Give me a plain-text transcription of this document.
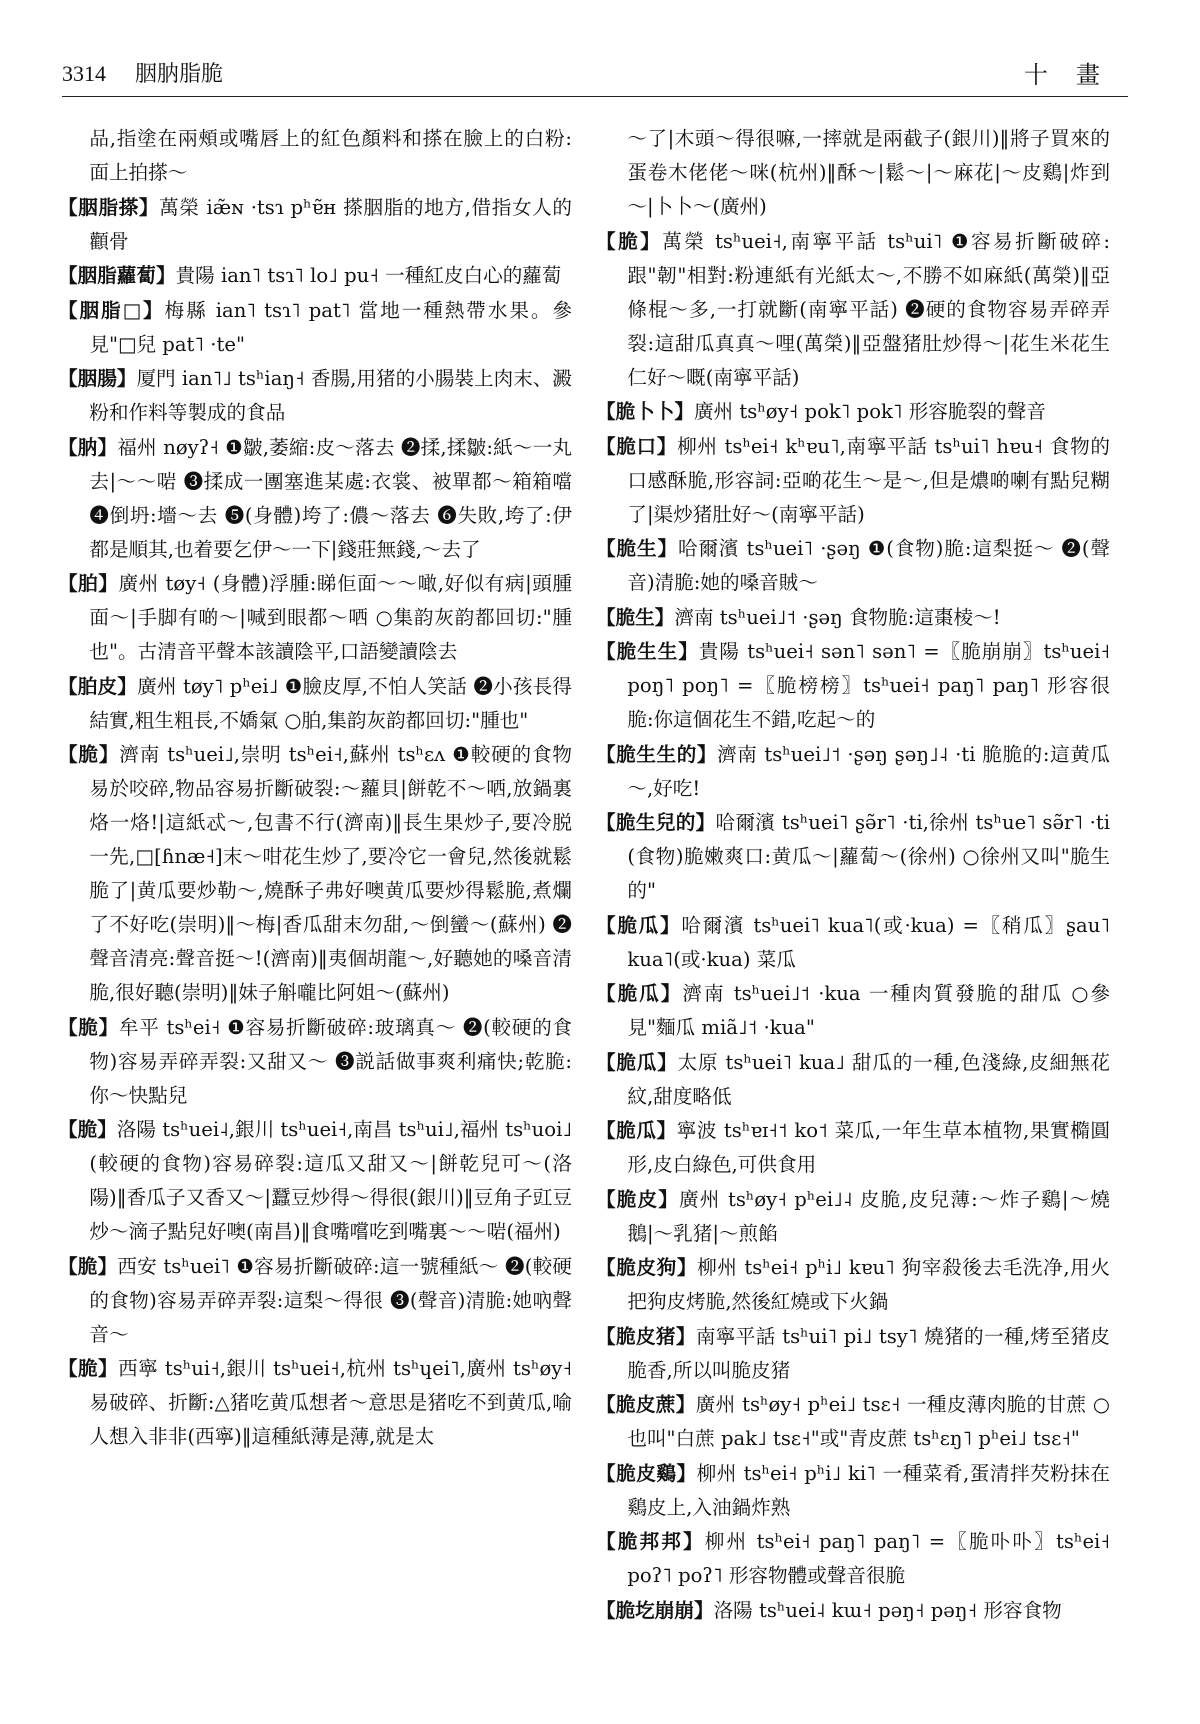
3314 胭肭脂脆	十畫

品,指塗在兩頰或嘴唇上的紅色顏料和搽在臉上的白粉:面上拍搽～

【胭脂搽】萬榮 iæ̃ɴ ·tsɿ pʰɐ̃ʜ 搽胭脂的地方,借指女人的顴骨

【胭脂蘿蔔】貴陽 ian˥ tsɿ˥ lo˩ pu˧ 一種紅皮白心的蘿蔔

【胭脂□】梅縣 ian˥ tsɿ˥ pat˥ 當地一種熱帶水果。參見"□兒 pat˥ ·te"

【胭腸】厦門 ian˥˩ tsʰiaŋ˧ 香腸,用猪的小腸裝上肉末、澱粉和作料等製成的食品

【肭】福州 nøyʔ˧ ❶皺,萎縮:皮～落去 ❷揉,揉皺:紙～一丸去|～～啱 ❸揉成一團塞進某處:衣裳、被單都～箱箱噹 ❹倒坍:墻～去 ❺(身體)垮了:儂～落去 ❻失敗,垮了:伊都是順其,也着要乞伊～一下|錢莊無錢,～去了

【胉】廣州 tøy˧ (身體)浮腫:睇佢面～～噉,好似有病|頭腫面～|手脚有啲～|喊到眼都～哂 ○集韵灰韵都回切:"腫也"。古清音平聲本該讀陰平,口語變讀陰去

【胉皮】廣州 tøy˥ pʰei˩ ❶臉皮厚,不怕人笑話 ❷小孩長得結實,粗生粗長,不嬌氣 ○胉,集韵灰韵都回切:"腫也"

【脆】濟南 tsʰuei˩,崇明 tsʰei˧,蘇州 tsʰɛʌ ❶較硬的食物易於咬碎,物品容易折斷破裂:～蘿貝|餅乾不～哂,放鍋裏烙一烙!|這紙忒～,包書不行(濟南)‖長生果炒子,要冷脱一先,□[ɦnæ˧]末～咁花生炒了,要冷它一會兒,然後就鬆脆了|黄瓜要炒勒～,燒酥子弗好噢黄瓜要炒得鬆脆,煮爛了不好吃(崇明)‖～梅|香瓜甜末勿甜,～倒蠻～(蘇州) ❷聲音清亮:聲音挺～!(濟南)‖夷個胡龍～,好聽她的嗓音清脆,很好聽(崇明)‖妹子斛嚨比阿姐～(蘇州)

【脆】牟平 tsʰei˧ ❶容易折斷破碎:玻璃真～ ❷(較硬的食物)容易弄碎弄裂:又甜又～ ❸説話做事爽利痛快;乾脆:你～快點兒

【脆】洛陽 tsʰuei˨,銀川 tsʰuei˧,南昌 tsʰui˩,福州 tsʰuoi˩ (較硬的食物)容易碎裂:這瓜又甜又～|餅乾兒可～(洛陽)‖香瓜子又香又～|蠶豆炒得～得很(銀川)‖豆角子豇豆炒～滴子點兒好噢(南昌)‖食嘴嚐吃到嘴裏～～啱(福州)

【脆】西安 tsʰuei˥ ❶容易折斷破碎:這一號種紙～ ❷(較硬的食物)容易弄碎弄裂:這梨～得很 ❸(聲音)清脆:她吶聲音～

【脆】西寧 tsʰui˧,銀川 tsʰuei˧,杭州 tsʰɥei˥,廣州 tsʰøy˧ 易破碎、折斷:△猪吃黄瓜想者～意思是猪吃不到黄瓜,喻人想入非非(西寧)‖這種紙薄是薄,就是太

～了|木頭～得很嘛,一摔就是兩截子(銀川)‖將子買來的蛋卷木佬佬～咪(杭州)‖酥～|鬆～|～麻花|～皮鷄|炸到～|卜卜～(廣州)

【脆】萬榮 tsʰuei˧,南寧平話 tsʰui˥ ❶容易折斷破碎:跟"韌"相對:粉連紙有光紙太～,不勝不如麻紙(萬榮)‖亞條棍～多,一打就斷(南寧平話) ❷硬的食物容易弄碎弄裂:這甜瓜真真～哩(萬榮)‖亞盤猪肚炒得～|花生米花生仁好～嘅(南寧平話)

【脆卜卜】廣州 tsʰøy˧ pok˥ pok˥ 形容脆裂的聲音

【脆口】柳州 tsʰei˧ kʰɐu˥,南寧平話 tsʰui˥ hɐu˧ 食物的口感酥脆,形容詞:亞啲花生～是～,但是燶啲喇有點兒糊了|渠炒猪肚好～(南寧平話)

【脆生】哈爾濱 tsʰuei˥ ·ʂəŋ ❶(食物)脆:這梨挺～ ❷(聲音)清脆:她的嗓音賊～

【脆生】濟南 tsʰuei˩˦ ·ʂəŋ 食物脆:這棗棱～!

【脆生生】貴陽 tsʰuei˧ sən˥ sən˥ =〖脆崩崩〗tsʰuei˧ poŋ˥ poŋ˥ =〖脆榜榜〗tsʰuei˧ paŋ˥ paŋ˥ 形容很脆:你這個花生不錯,吃起～的

【脆生生的】濟南 tsʰuei˩˦ ·ʂəŋ ʂəŋ˩˨ ·ti 脆脆的:這黄瓜～,好吃!

【脆生兒的】哈爾濱 tsʰuei˥ ʂə̃r˥ ·ti,徐州 tsʰue˥ sə̃r˥ ·ti (食物)脆嫩爽口:黄瓜～|蘿蔔～(徐州) ○徐州又叫"脆生的"

【脆瓜】哈爾濱 tsʰuei˥ kua˥(或·kua) =〖稍瓜〗ʂau˥ kua˥(或·kua) 菜瓜

【脆瓜】濟南 tsʰuei˩˦ ·kua 一種肉質發脆的甜瓜 ○參見"麵瓜 miã˩˦ ·kua"

【脆瓜】太原 tsʰuei˥ kua˩ 甜瓜的一種,色淺綠,皮細無花紋,甜度略低

【脆瓜】寧波 tsʰɐɪ˧˦ ko˦ 菜瓜,一年生草本植物,果實橢圓形,皮白綠色,可供食用

【脆皮】廣州 tsʰøy˧ pʰei˩˨ 皮脆,皮兒薄:～炸子鷄|～燒鵝|～乳猪|～煎餡

【脆皮狗】柳州 tsʰei˧ pʰi˩ kɐu˥ 狗宰殺後去毛洗净,用火把狗皮烤脆,然後紅燒或下火鍋

【脆皮猪】南寧平話 tsʰui˥ pi˩ tsy˥ 燒猪的一種,烤至猪皮脆香,所以叫脆皮猪

【脆皮蔗】廣州 tsʰøy˧ pʰei˩ tsɛ˧ 一種皮薄肉脆的甘蔗 ○也叫"白蔗 pak˩ tsɛ˧"或"青皮蔗 tsʰɛŋ˥ pʰei˩ tsɛ˧"

【脆皮鷄】柳州 tsʰei˧ pʰi˩ ki˥ 一種菜肴,蛋清拌芡粉抹在鷄皮上,入油鍋炸熟

【脆邦邦】柳州 tsʰei˧ paŋ˥ paŋ˥ =〖脆卟卟〗tsʰei˧ poʔ˥ poʔ˥ 形容物體或聲音很脆

【脆圪崩崩】洛陽 tsʰuei˨ kɯ˧ pəŋ˧ pəŋ˧ 形容食物
